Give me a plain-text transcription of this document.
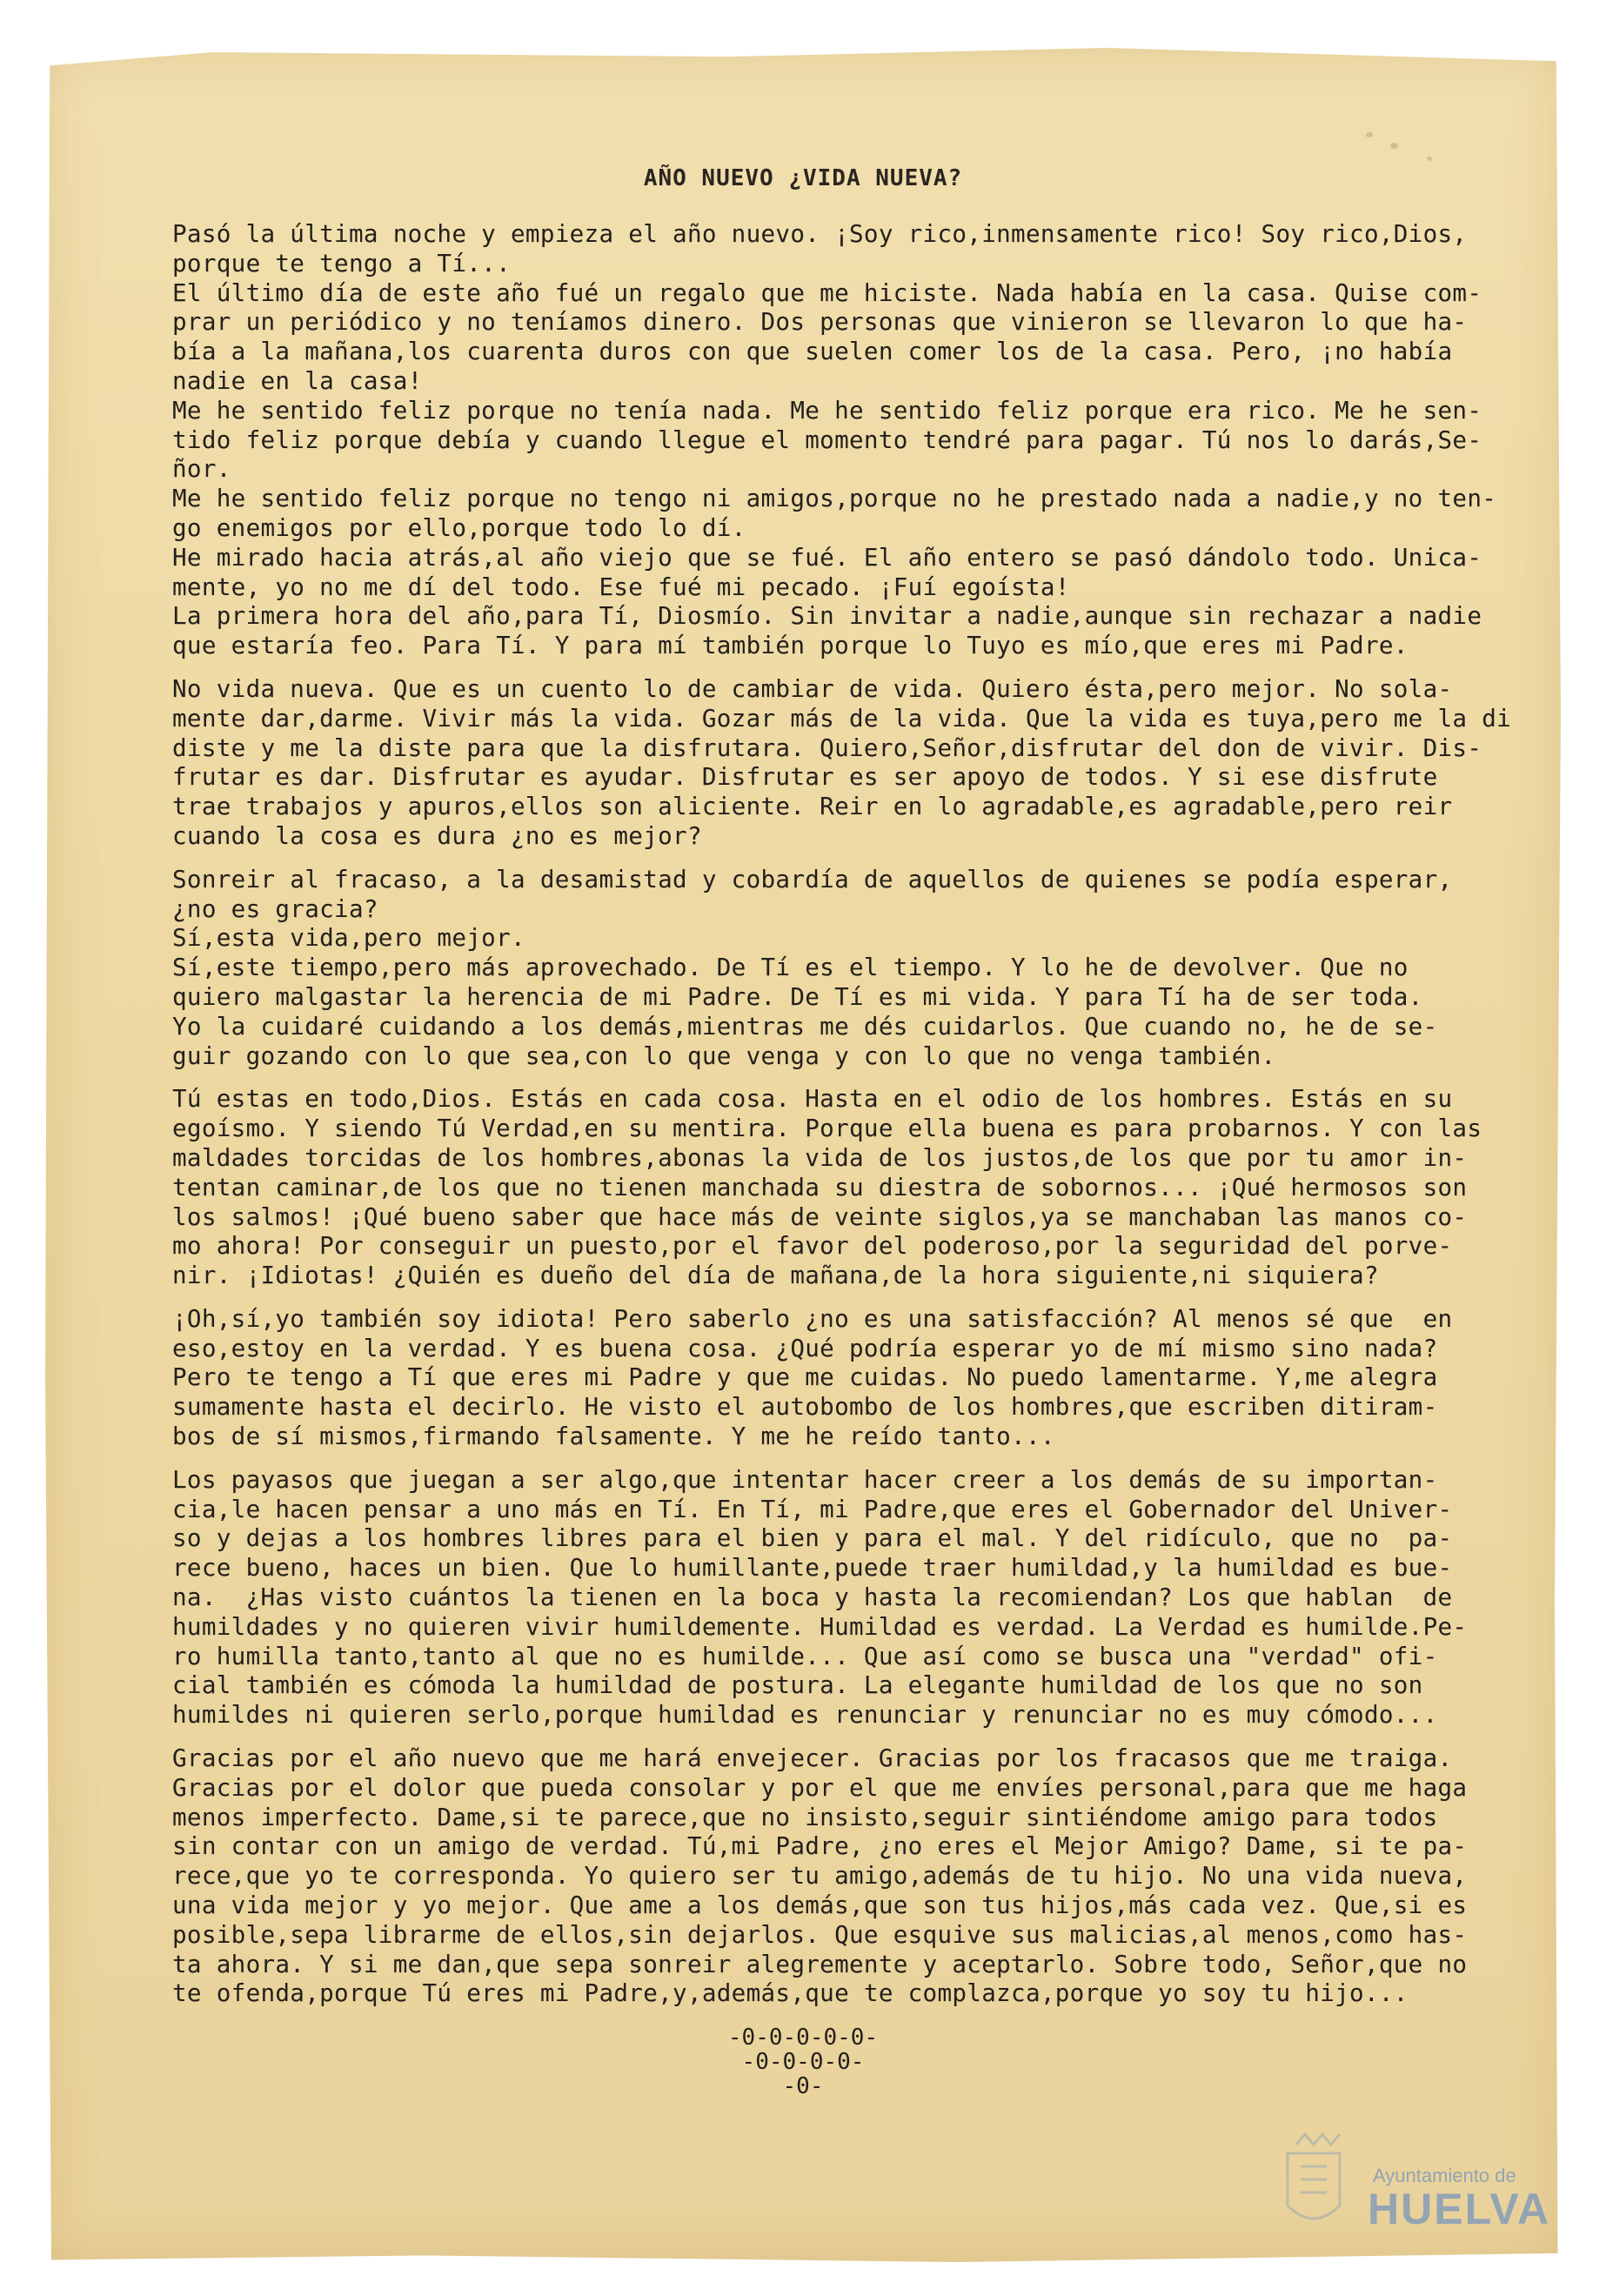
AÑO NUEVO ¿VIDA NUEVA?
Pasó la última noche y empieza el año nuevo. ¡Soy rico,inmensamente rico! Soy rico,Dios,
porque te tengo a Tí...
El último día de este año fué un regalo que me hiciste. Nada había en la casa. Quise com-
prar un periódico y no teníamos dinero. Dos personas que vinieron se llevaron lo que ha-
bía a la mañana,los cuarenta duros con que suelen comer los de la casa. Pero, ¡no había
nadie en la casa!
Me he sentido feliz porque no tenía nada. Me he sentido feliz porque era rico. Me he sen-
tido feliz porque debía y cuando llegue el momento tendré para pagar. Tú nos lo darás,Se-
ñor.
Me he sentido feliz porque no tengo ni amigos,porque no he prestado nada a nadie,y no ten-
go enemigos por ello,porque todo lo dí.
He mirado hacia atrás,al año viejo que se fué. El año entero se pasó dándolo todo. Unica-
mente, yo no me dí del todo. Ese fué mi pecado. ¡Fuí egoísta!
La primera hora del año,para Tí, Diosmío. Sin invitar a nadie,aunque sin rechazar a nadie
que estaría feo. Para Tí. Y para mí también porque lo Tuyo es mío,que eres mi Padre.
No vida nueva. Que es un cuento lo de cambiar de vida. Quiero ésta,pero mejor. No sola-
mente dar,darme. Vivir más la vida. Gozar más de la vida. Que la vida es tuya,pero me la di
diste y me la diste para que la disfrutara. Quiero,Señor,disfrutar del don de vivir. Dis-
frutar es dar. Disfrutar es ayudar. Disfrutar es ser apoyo de todos. Y si ese disfrute
trae trabajos y apuros,ellos son aliciente. Reir en lo agradable,es agradable,pero reir
cuando la cosa es dura ¿no es mejor?
Sonreir al fracaso, a la desamistad y cobardía de aquellos de quienes se podía esperar,
¿no es gracia?
Sí,esta vida,pero mejor.
Sí,este tiempo,pero más aprovechado. De Tí es el tiempo. Y lo he de devolver. Que no
quiero malgastar la herencia de mi Padre. De Tí es mi vida. Y para Tí ha de ser toda.
Yo la cuidaré cuidando a los demás,mientras me dés cuidarlos. Que cuando no, he de se-
guir gozando con lo que sea,con lo que venga y con lo que no venga también.
Tú estas en todo,Dios. Estás en cada cosa. Hasta en el odio de los hombres. Estás en su
egoísmo. Y siendo Tú Verdad,en su mentira. Porque ella buena es para probarnos. Y con las
maldades torcidas de los hombres,abonas la vida de los justos,de los que por tu amor in-
tentan caminar,de los que no tienen manchada su diestra de sobornos... ¡Qué hermosos son
los salmos! ¡Qué bueno saber que hace más de veinte siglos,ya se manchaban las manos co-
mo ahora! Por conseguir un puesto,por el favor del poderoso,por la seguridad del porve-
nir. ¡Idiotas! ¿Quién es dueño del día de mañana,de la hora siguiente,ni siquiera?
¡Oh,sí,yo también soy idiota! Pero saberlo ¿no es una satisfacción? Al menos sé que  en
eso,estoy en la verdad. Y es buena cosa. ¿Qué podría esperar yo de mí mismo sino nada?
Pero te tengo a Tí que eres mi Padre y que me cuidas. No puedo lamentarme. Y,me alegra
sumamente hasta el decirlo. He visto el autobombo de los hombres,que escriben ditiram-
bos de sí mismos,firmando falsamente. Y me he reído tanto...
Los payasos que juegan a ser algo,que intentar hacer creer a los demás de su importan-
cia,le hacen pensar a uno más en Tí. En Tí, mi Padre,que eres el Gobernador del Univer-
so y dejas a los hombres libres para el bien y para el mal. Y del ridículo, que no  pa-
rece bueno, haces un bien. Que lo humillante,puede traer humildad,y la humildad es bue-
na.  ¿Has visto cuántos la tienen en la boca y hasta la recomiendan? Los que hablan  de
humildades y no quieren vivir humildemente. Humildad es verdad. La Verdad es humilde.Pe-
ro humilla tanto,tanto al que no es humilde... Que así como se busca una "verdad" ofi-
cial también es cómoda la humildad de postura. La elegante humildad de los que no son
humildes ni quieren serlo,porque humildad es renunciar y renunciar no es muy cómodo...
Gracias por el año nuevo que me hará envejecer. Gracias por los fracasos que me traiga.
Gracias por el dolor que pueda consolar y por el que me envíes personal,para que me haga
menos imperfecto. Dame,si te parece,que no insisto,seguir sintiéndome amigo para todos
sin contar con un amigo de verdad. Tú,mi Padre, ¿no eres el Mejor Amigo? Dame, si te pa-
rece,que yo te corresponda. Yo quiero ser tu amigo,además de tu hijo. No una vida nueva,
una vida mejor y yo mejor. Que ame a los demás,que son tus hijos,más cada vez. Que,si es
posible,sepa librarme de ellos,sin dejarlos. Que esquive sus malicias,al menos,como has-
ta ahora. Y si me dan,que sepa sonreir alegremente y aceptarlo. Sobre todo, Señor,que no
te ofenda,porque Tú eres mi Padre,y,además,que te complazca,porque yo soy tu hijo...
-0-0-0-0-0-
-0-0-0-0-
-0-
Ayuntamiento de
HUELVA
